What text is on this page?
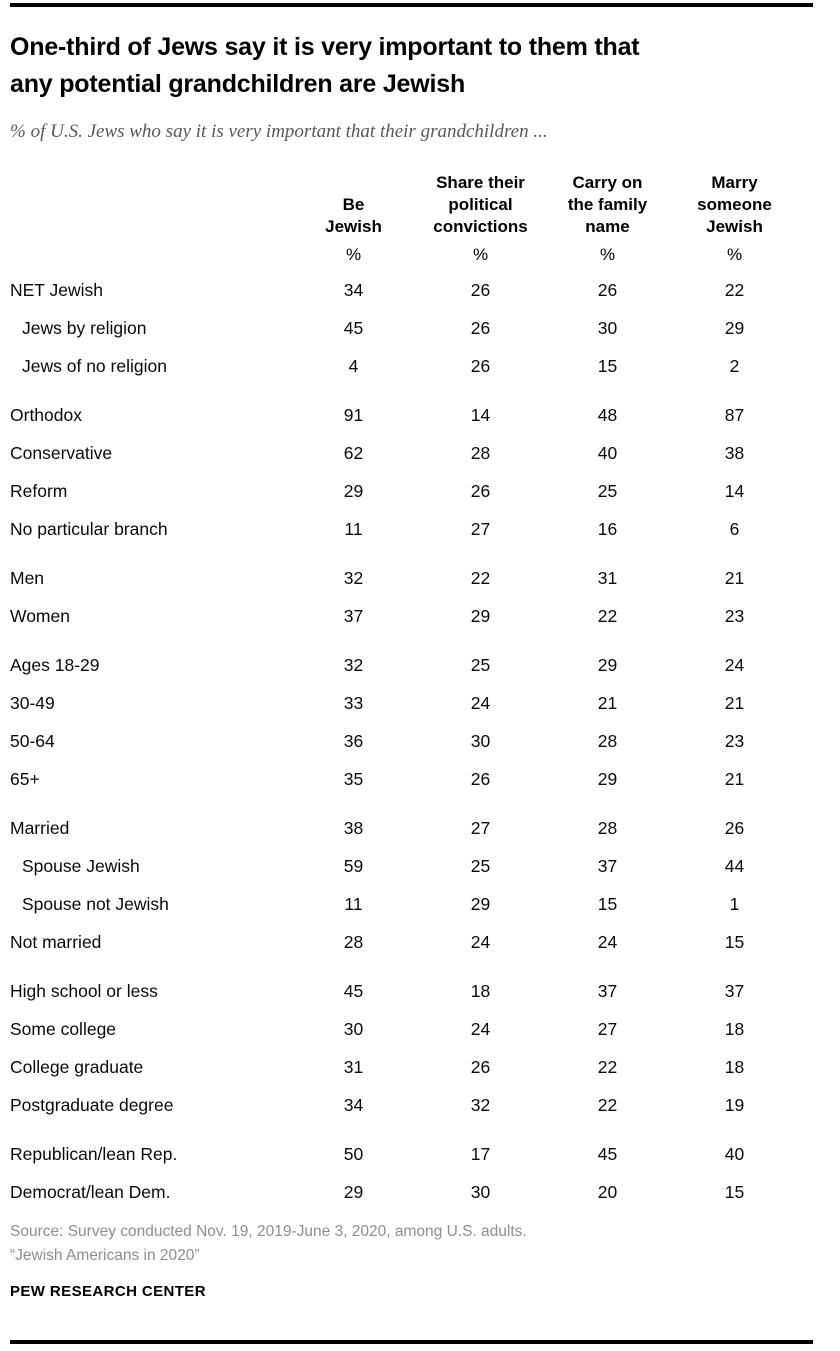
One-third of Jews say it is very important to them that
any potential grandchildren are Jewish
% of U.S. Jews who say it is very important that their grandchildren ...
Be Jewish
Share their political convictions
Carry on the family name
Marry someone Jewish
%	%	%	%
NET Jewish	34	26	26	22
Jews by religion	45	26	30	29
Jews of no religion	4	26	15	2
Orthodox	91	14	48	87
Conservative	62	28	40	38
Reform	29	26	25	14
No particular branch	11	27	16	6
Men	32	22	31	21
Women	37	29	22	23
Ages 18-29	32	25	29	24
30-49	33	24	21	21
50-64	36	30	28	23
65+	35	26	29	21
Married	38	27	28	26
Spouse Jewish	59	25	37	44
Spouse not Jewish	11	29	15	1
Not married	28	24	24	15
High school or less	45	18	37	37
Some college	30	24	27	18
College graduate	31	26	22	18
Postgraduate degree	34	32	22	19
Republican/lean Rep.	50	17	45	40
Democrat/lean Dem.	29	30	20	15
Source: Survey conducted Nov. 19, 2019-June 3, 2020, among U.S. adults.
“Jewish Americans in 2020”
PEW RESEARCH CENTER
